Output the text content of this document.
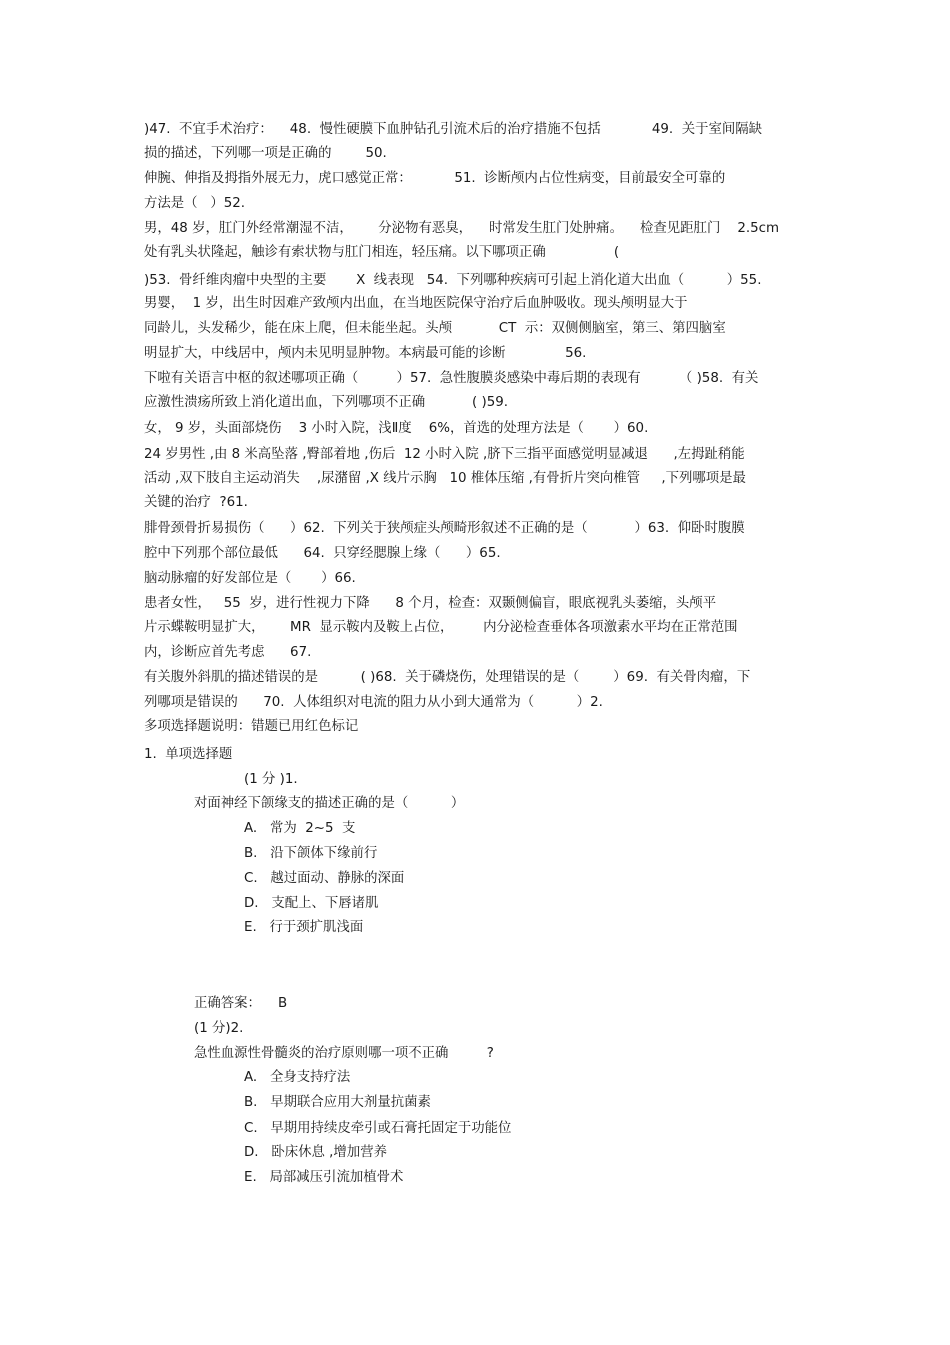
)47.  不宜手术治疗：    48.  慢性硬膜下血肿钻孔引流术后的治疗措施不包括            49.  关于室间隔缺
损的描述，下列哪一项是正确的        50.
伸腕、伸指及拇指外展无力，虎口感觉正常：          51.  诊断颅内占位性病变，目前最安全可靠的
方法是（   ）52.
男，48 岁，肛门外经常潮湿不洁，      分泌物有恶臭，    时常发生肛门处肿痛。    检查见距肛门    2.5cm
处有乳头状隆起，触诊有索状物与肛门相连，轻压痛。以下哪项正确                (
)53.  骨纤维肉瘤中央型的主要       X  线表现   54.  下列哪种疾病可引起上消化道大出血（          ）55.
男婴，  1 岁，出生时因难产致颅内出血，在当地医院保守治疗后血肿吸收。现头颅明显大于
同龄儿，头发稀少，能在床上爬，但未能坐起。头颅           CT  示：双侧侧脑室，第三、第四脑室
明显扩大，中线居中，颅内未见明显肿物。本病最可能的诊断              56.
下啦有关语言中枢的叙述哪项正确（         ）57.  急性腹膜炎感染中毒后期的表现有         （ )58.  有关
应激性溃疡所致上消化道出血，下列哪项不正确           ( )59.
女， 9 岁，头面部烧伤    3 小时入院，浅Ⅱ度    6%，首选的处理方法是（       ）60.
24 岁男性 ,由 8 米高坠落 ,臀部着地 ,伤后  12 小时入院 ,脐下三指平面感觉明显减退      ,左拇趾稍能
活动 ,双下肢自主运动消失    ,尿潴留 ,X 线片示胸   10 椎体压缩 ,有骨折片突向椎管     ,下列哪项是最
关键的治疗  ?61.
腓骨颈骨折易损伤（      ）62.  下列关于狭颅症头颅畸形叙述不正确的是（           ）63.  仰卧时腹膜
腔中下列那个部位最低      64.  只穿经腮腺上缘（      ）65.
脑动脉瘤的好发部位是（       ）66.
患者女性，   55  岁，进行性视力下降      8 个月，检查：双颞侧偏盲，眼底视乳头萎缩，头颅平
片示蝶鞍明显扩大，      MR  显示鞍内及鞍上占位，       内分泌检查垂体各项激素水平均在正常范围
内，诊断应首先考虑      67.
有关腹外斜肌的描述错误的是          ( )68.  关于磷烧伤，处理错误的是（        ）69.  有关骨肉瘤，下
列哪项是错误的      70.  人体组织对电流的阻力从小到大通常为（          ）2.
多项选择题说明：错题已用红色标记
1.  单项选择题
(1 分 )1.
对面神经下颌缘支的描述正确的是（          ）
A.   常为  2~5  支
B.   沿下颌体下缘前行
C.   越过面动、静脉的深面
D.   支配上、下唇诸肌
E.   行于颈扩肌浅面
正确答案：    B
(1 分)2.
急性血源性骨髓炎的治疗原则哪一项不正确         ?
A.   全身支持疗法
B.   早期联合应用大剂量抗菌素
C.   早期用持续皮牵引或石膏托固定于功能位
D.   卧床休息 ,增加营养
E.   局部减压引流加植骨术
